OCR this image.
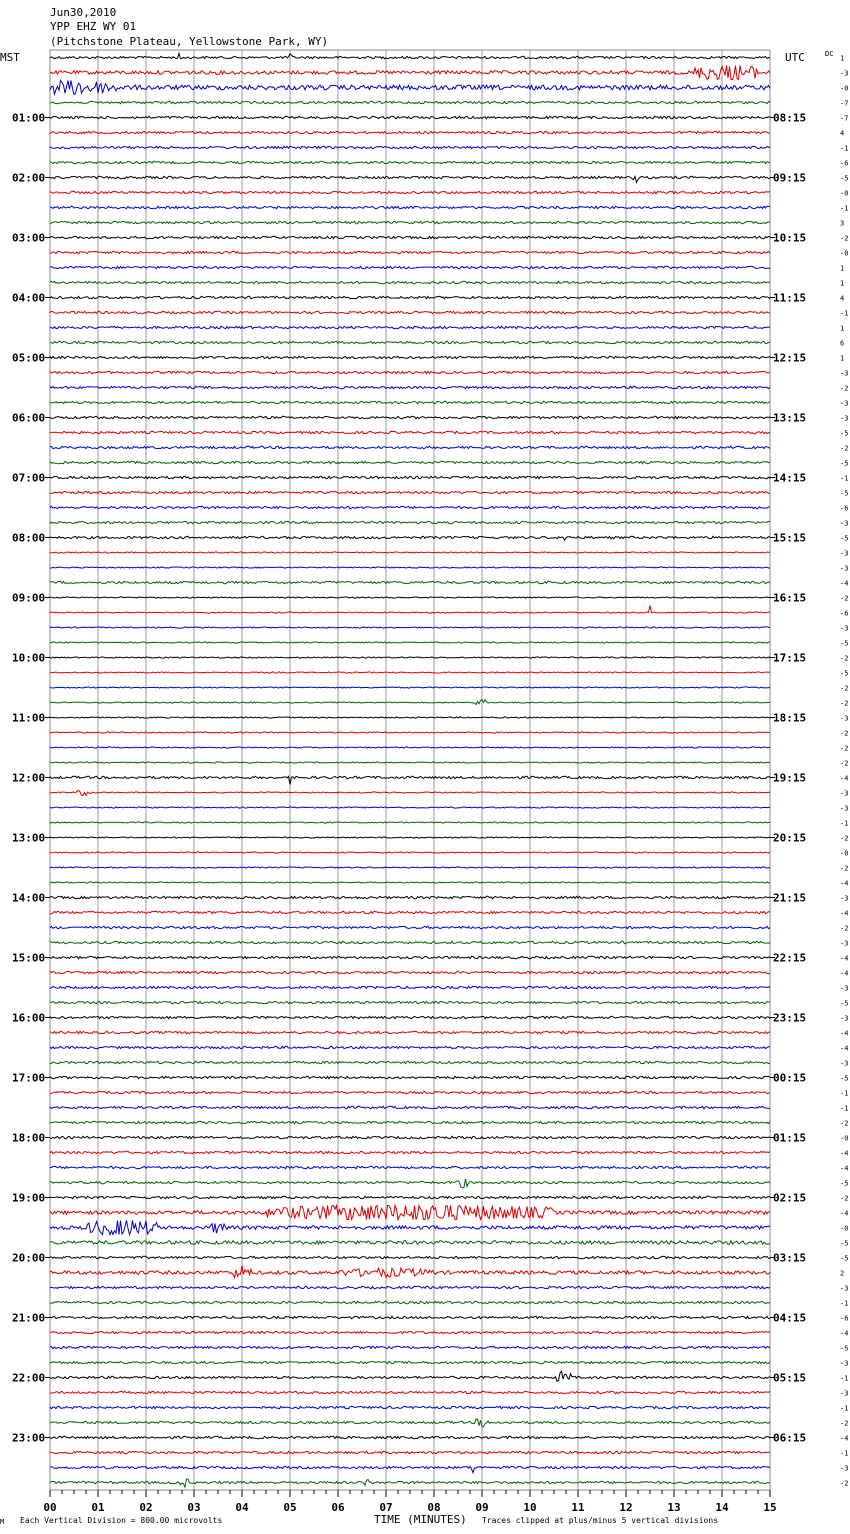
Jun30,2010
YPP EHZ WY 01
(Pitchstone Plateau, Yellowstone Park, WY)
MST	UTC	DC
01:00
02:00
03:00
04:00
05:00
06:00
07:00
08:00
09:00
10:00
11:00
12:00
13:00
14:00
15:00
16:00
17:00
18:00
19:00
20:00
21:00
22:00
23:00
08:15
09:15
10:15
11:15
12:15
13:15
14:15
15:15
16:15
17:15
18:15
19:15
20:15
21:15
22:15
23:15
00:15
01:15
02:15
03:15
04:15
05:15
06:15
1
-3
-0
-7
-7
4
-1
-6
-5
-0
-1
3
-2
-0
1
1
4
-1
1
6
1
-3
-2
-3
-3
-5
-2
-5
-1
-5
-6
-3
-5
-3
-3
-4
-2
-6
-3
-5
-2
-5
-2
-2
-3
-2
-2
-2
-4
-3
-3
-1
-2
-0
-2
-4
-3
-4
-2
-3
-4
-4
-3
-5
-3
-4
-4
-3
-5
-1
-1
-2
-0
-4
-4
-5
-2
-4
-0
-5
-5
2
-3
-1
-6
-4
-5
-3
-1
-3
-1
-2
-4
-1
-3
-2
00	01	02	03	04	05	06	07	08	09	10	11	12	13	14	15
M Each Vertical Division = 800.00 microvolts	TIME (MINUTES) Traces clipped at plus/minus 5 vertical divisions
